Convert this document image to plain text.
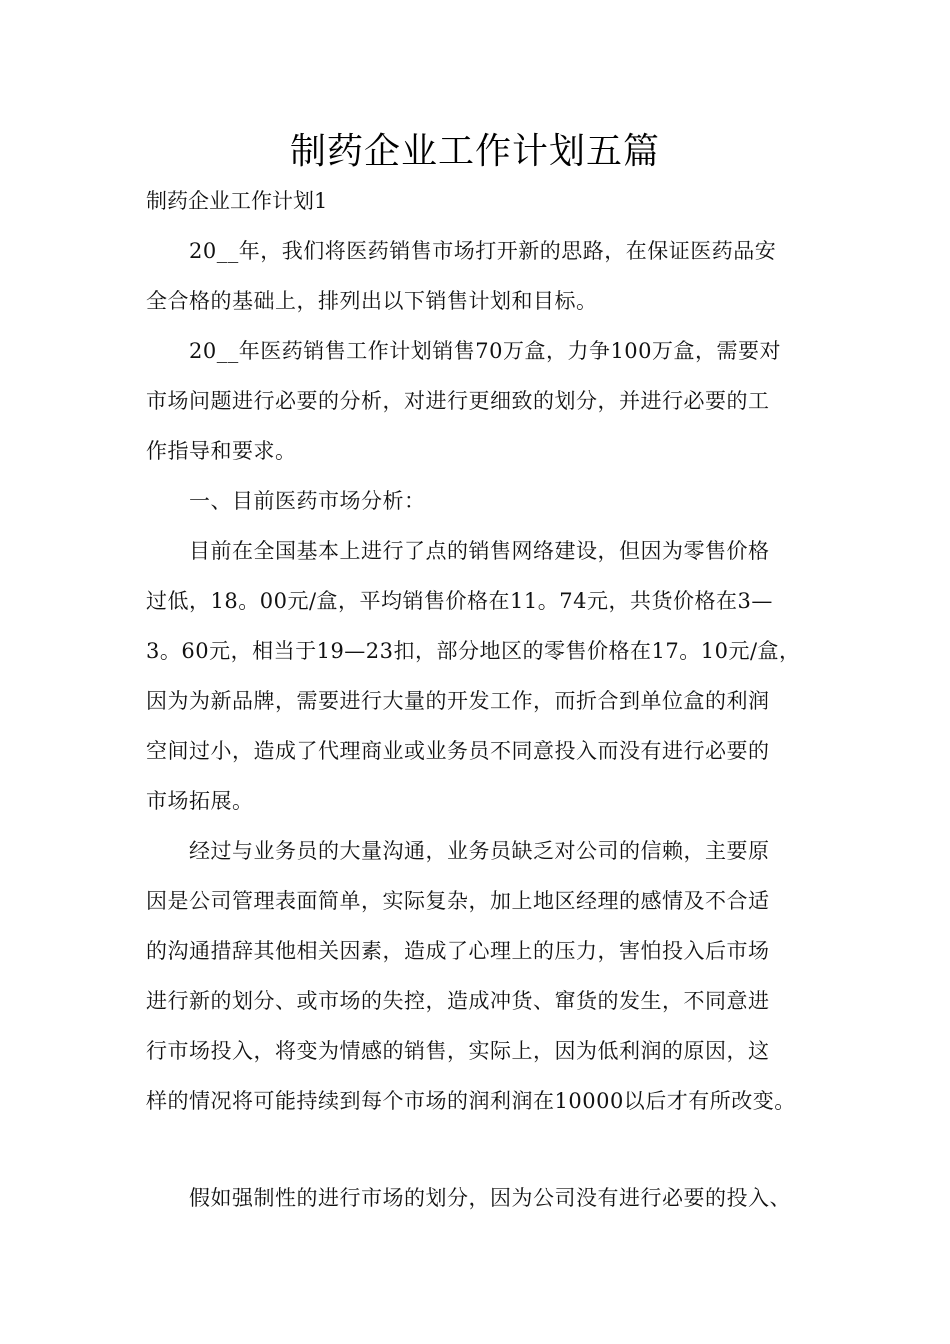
制药企业工作计划五篇
制药企业工作计划1
20__年，我们将医药销售市场打开新的思路，在保证医药品安
全合格的基础上，排列出以下销售计划和目标。
20__年医药销售工作计划销售70万盒，力争100万盒，需要对
市场问题进行必要的分析，对进行更细致的划分，并进行必要的工
作指导和要求。
一、目前医药市场分析：
目前在全国基本上进行了点的销售网络建设，但因为零售价格
过低，18。00元/盒，平均销售价格在11。74元，共货价格在3—
3。60元，相当于19—23扣，部分地区的零售价格在17。10元/盒，
因为为新品牌，需要进行大量的开发工作，而折合到单位盒的利润
空间过小，造成了代理商业或业务员不同意投入而没有进行必要的
市场拓展。
经过与业务员的大量沟通，业务员缺乏对公司的信赖，主要原
因是公司管理表面简单，实际复杂，加上地区经理的感情及不合适
的沟通措辞其他相关因素，造成了心理上的压力，害怕投入后市场
进行新的划分、或市场的失控，造成冲货、窜货的发生，不同意进
行市场投入，将变为情感的销售，实际上，因为低利润的原因，这
样的情况将可能持续到每个市场的润利润在10000以后才有所改变。
假如强制性的进行市场的划分，因为公司没有进行必要的投入、
